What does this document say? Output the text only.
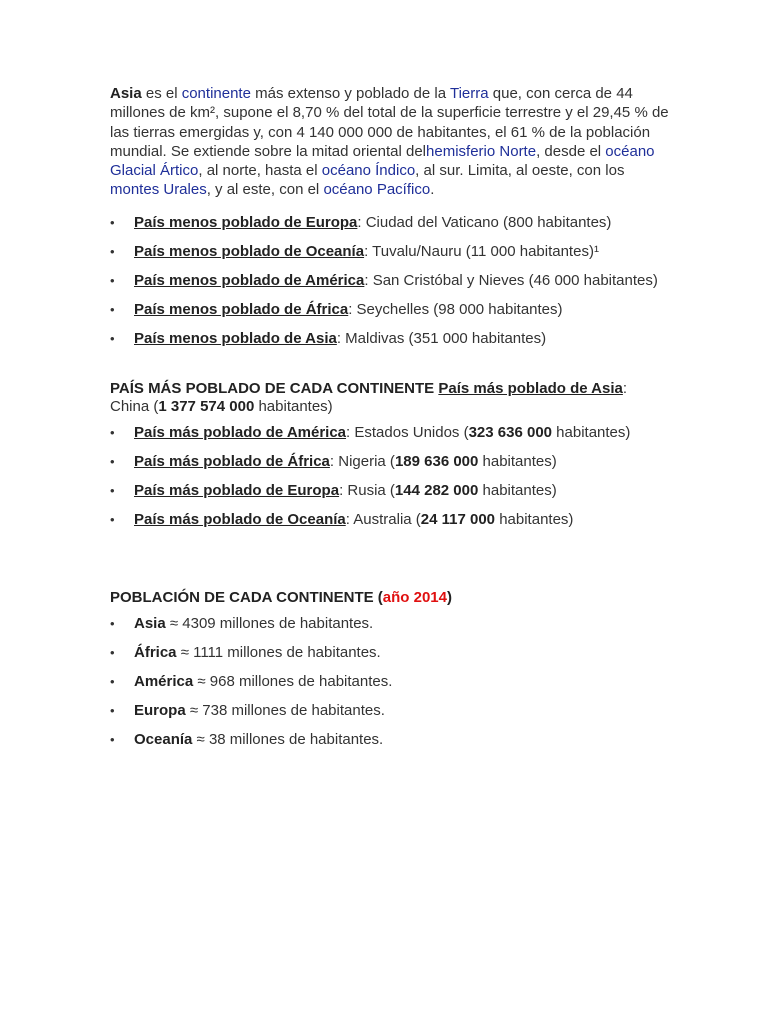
Asia es el continente más extenso y poblado de la Tierra que, con cerca de 44 millones de km², supone el 8,70 % del total de la superficie terrestre y el 29,45 % de las tierras emergidas y, con 4 140 000 000 de habitantes, el 61 % de la población mundial. Se extiende sobre la mitad oriental delhemisferio Norte, desde el océano Glacial Ártico, al norte, hasta el océano Índico, al sur. Limita, al oeste, con los montes Urales, y al este, con el océano Pacífico.

• País menos poblado de Europa: Ciudad del Vaticano (800 habitantes)
• País menos poblado de Oceanía: Tuvalu/Nauru (11 000 habitantes)¹
• País menos poblado de América: San Cristóbal y Nieves (46 000 habitantes)
• País menos poblado de África: Seychelles (98 000 habitantes)
• País menos poblado de Asia: Maldivas (351 000 habitantes)

PAÍS MÁS POBLADO DE CADA CONTINENTE País más poblado de Asia: China (1 377 574 000 habitantes)

• País más poblado de América: Estados Unidos (323 636 000 habitantes)
• País más poblado de África: Nigeria (189 636 000 habitantes)
• País más poblado de Europa: Rusia (144 282 000 habitantes)
• País más poblado de Oceanía: Australia (24 117 000 habitantes)

POBLACIÓN DE CADA CONTINENTE (año 2014)

• Asia ≈ 4309 millones de habitantes.
• África ≈ 1111 millones de habitantes.
• América ≈ 968 millones de habitantes.
• Europa ≈ 738 millones de habitantes.
• Oceanía ≈ 38 millones de habitantes.
